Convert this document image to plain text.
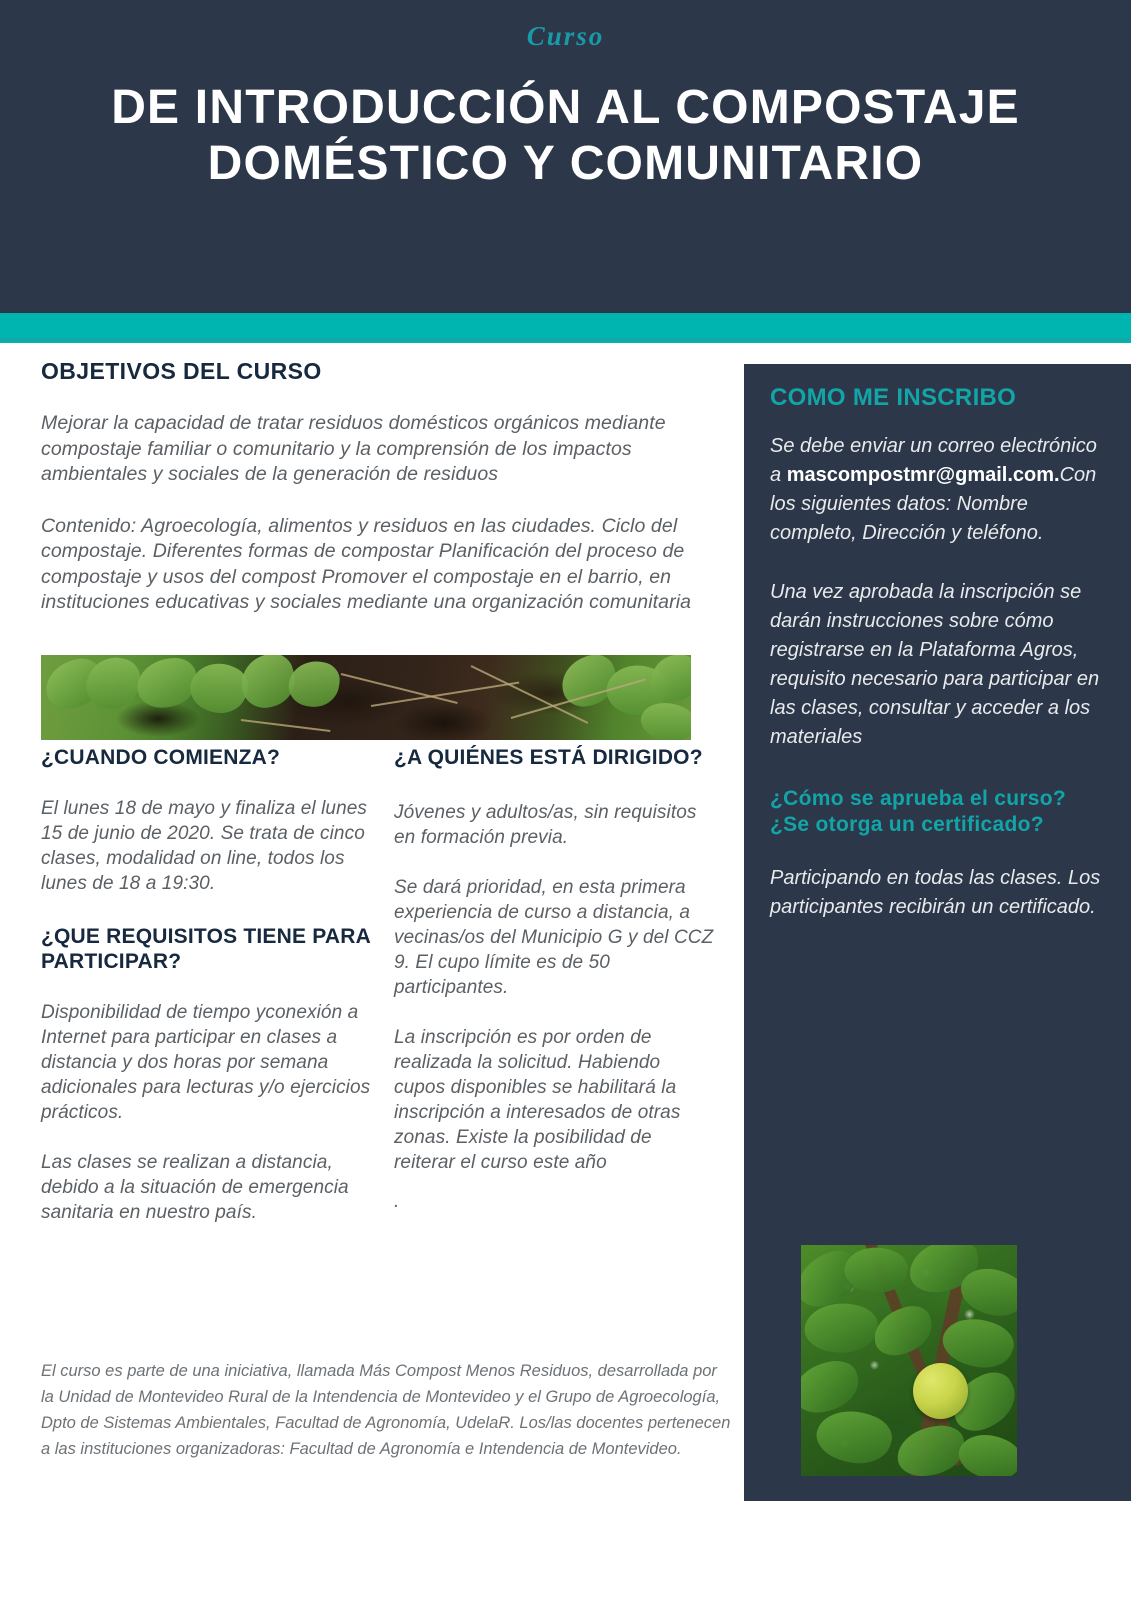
Curso
DE INTRODUCCIÓN AL COMPOSTAJE DOMÉSTICO Y COMUNITARIO
OBJETIVOS DEL CURSO

Mejorar la capacidad de tratar residuos domésticos orgánicos mediante compostaje familiar o comunitario y la comprensión de los impactos ambientales y sociales de la generación de residuos

Contenido: Agroecología, alimentos y residuos en las ciudades. Ciclo del compostaje. Diferentes formas de compostar Planificación del proceso de compostaje y usos del compost Promover el compostaje en el barrio, en instituciones educativas y sociales mediante una organización comunitaria

¿CUANDO COMIENZA?

El lunes 18 de mayo y finaliza el lunes 15 de junio de 2020. Se trata de cinco clases, modalidad on line, todos los lunes de 18 a 19:30.

¿QUE REQUISITOS TIENE PARA PARTICIPAR?

Disponibilidad de tiempo yconexión a Internet para participar en clases a distancia y dos horas por semana adicionales para lecturas y/o ejercicios prácticos.

Las clases se realizan a distancia, debido a la situación de emergencia sanitaria en nuestro país.

¿A QUIÉNES ESTÁ DIRIGIDO?

Jóvenes y adultos/as, sin requisitos en formación previa.

Se dará prioridad, en esta primera experiencia de curso a distancia, a vecinas/os del Municipio G y del CCZ 9. El cupo límite es de 50 participantes.

La inscripción es por orden de realizada la solicitud. Habiendo cupos disponibles se habilitará la inscripción a interesados de otras zonas. Existe la posibilidad de reiterar el curso este año

.

El curso es parte de una iniciativa, llamada Más Compost Menos Residuos, desarrollada por la Unidad de Montevideo Rural de la Intendencia de Montevideo y el Grupo de Agroecología, Dpto de Sistemas Ambientales, Facultad de Agronomía, UdelaR. Los/las docentes pertenecen a las instituciones organizadoras: Facultad de Agronomía e Intendencia de Montevideo.
COMO ME INSCRIBO

Se debe enviar un correo electrónico a mascompostmr@gmail.com.Con los siguientes datos: Nombre completo, Dirección y teléfono.

Una vez aprobada la inscripción se darán instrucciones sobre cómo registrarse en la Plataforma Agros, requisito necesario para participar en las clases, consultar y acceder a los materiales

¿Cómo se aprueba el curso? ¿Se otorga un certificado?

Participando en todas las clases. Los participantes recibirán un certificado.
